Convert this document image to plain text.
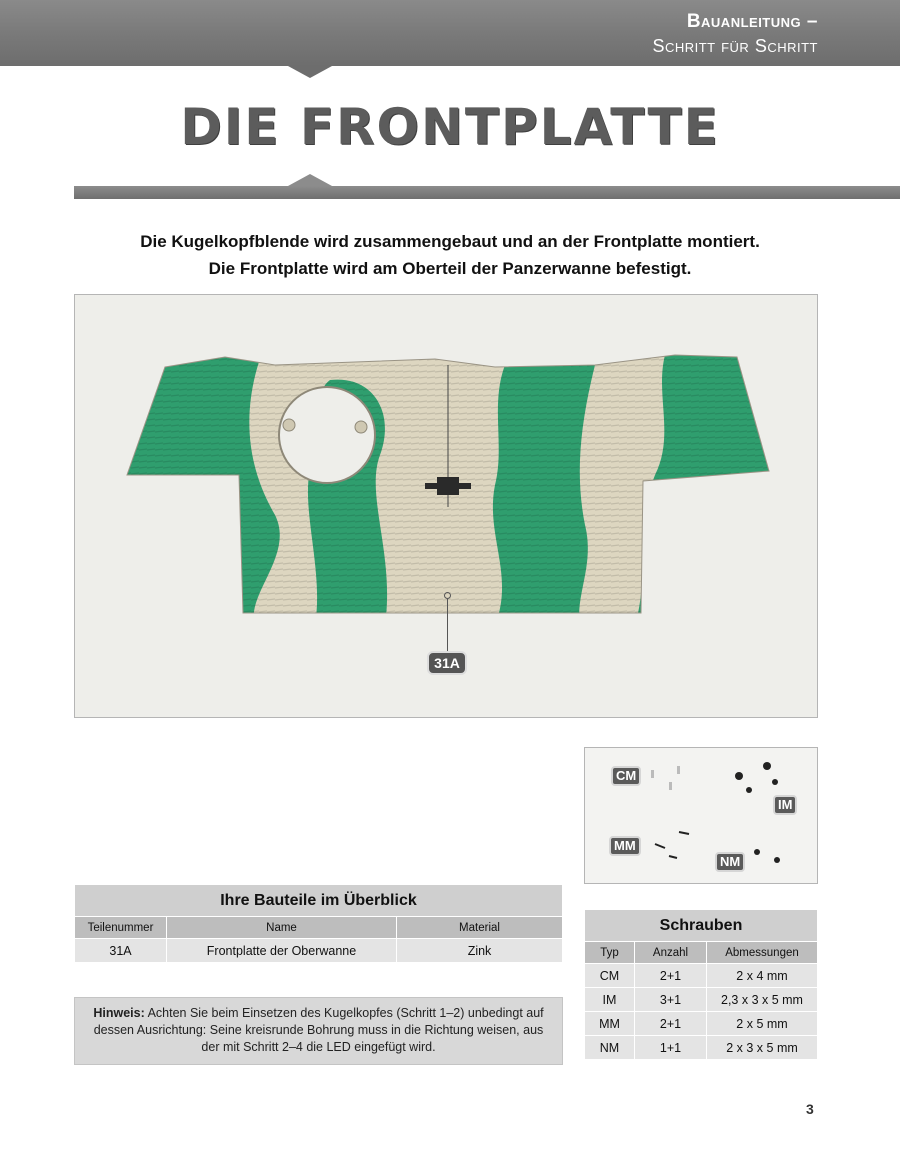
Bauanleitung –
Schritt für Schritt
DIE FRONTPLATTE
Die Kugelkopfblende wird zusammengebaut und an der Frontplatte montiert.
Die Frontplatte wird am Oberteil der Panzerwanne befestigt.
31A
CM
IM
MM
NM
Ihre Bauteile im Überblick		
Teilenummer	Name	Material
31A	Frontplatte der Oberwanne	Zink
Hinweis: Achten Sie beim Einsetzen des Kugelkopfes (Schritt 1–2) unbedingt auf dessen Ausrichtung: Seine kreisrunde Bohrung muss in die Richtung weisen, aus der mit Schritt 2–4 die LED eingefügt wird.
Schrauben		
Typ	Anzahl	Abmessungen
CM	2+1	2 x 4 mm
IM	3+1	2,3 x 3 x 5 mm
MM	2+1	2 x 5 mm
NM	1+1	2 x 3 x 5 mm
3
